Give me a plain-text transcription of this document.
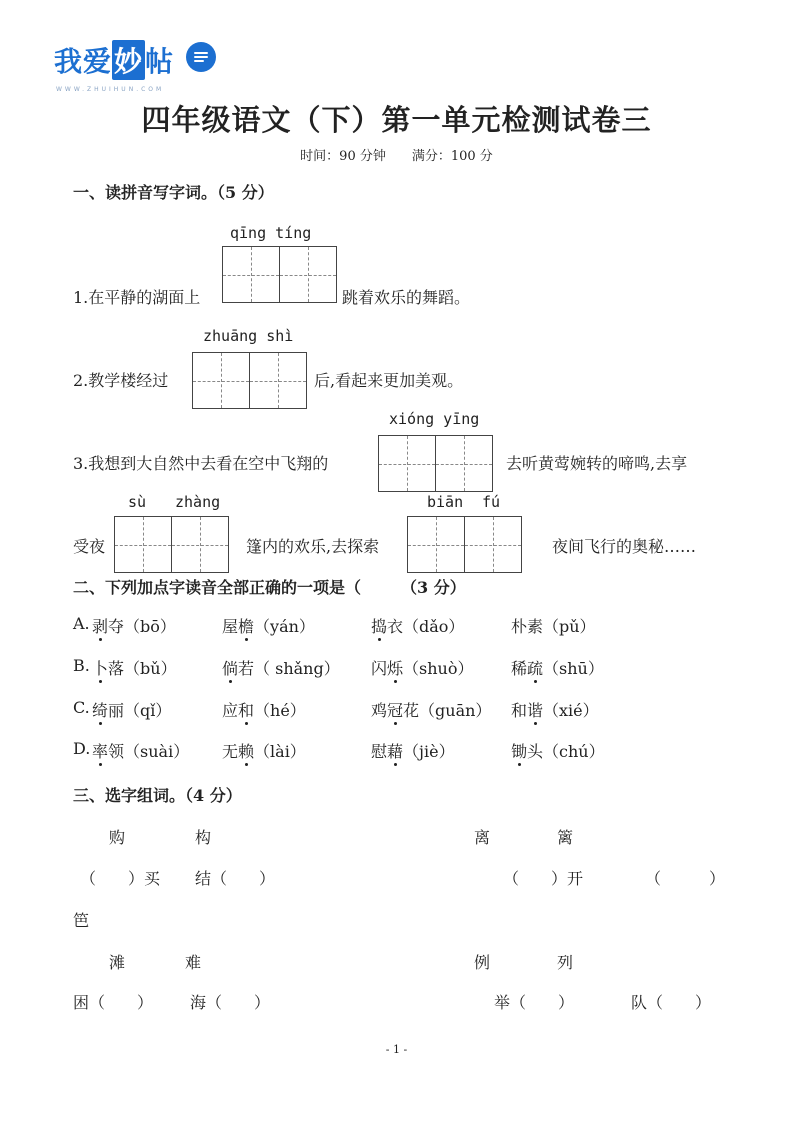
我爱妙帖
WWW.ZHUIHUN.COM
四年级语文（下）第一单元检测试卷三
时间：90 分钟 满分：100 分
一、读拼音写字词。（5 分）
qīng tíng
1.在平静的湖面上	跳着欢乐的舞蹈。
zhuāng shì
2.教学楼经过	后,看起来更加美观。
xióng yīng
3.我想到大自然中去看在空中飞翔的	去听黄莺婉转的啼鸣,去享
sù zhàng	biān fú
受夜	篷内的欢乐,去探索	夜间飞行的奥秘……
二、下列加点字读音全部正确的一项是（　　　（3 分）
A. 剥夺（bō）	屋檐（yán）	捣衣（dǎo）	朴素（pǔ）
B. 卜落（bǔ）	倘若（ shǎng） 闪烁（shuò） 稀疏（shū）
C. 绮丽（qǐ）	应和（hé）	鸡冠花（guān） 和谐（xié）
D. 率领（suài） 无赖（lài）	慰藉（jiè）	锄头（chú）
三、选字组词。（4 分）
购	构	离	篱
（　　）买 结（　　）	（　　）开	（　　　）
笆
滩	难	例	列
困（　　） 海（　　）	举（　　）	队（　　）
- 1 -
